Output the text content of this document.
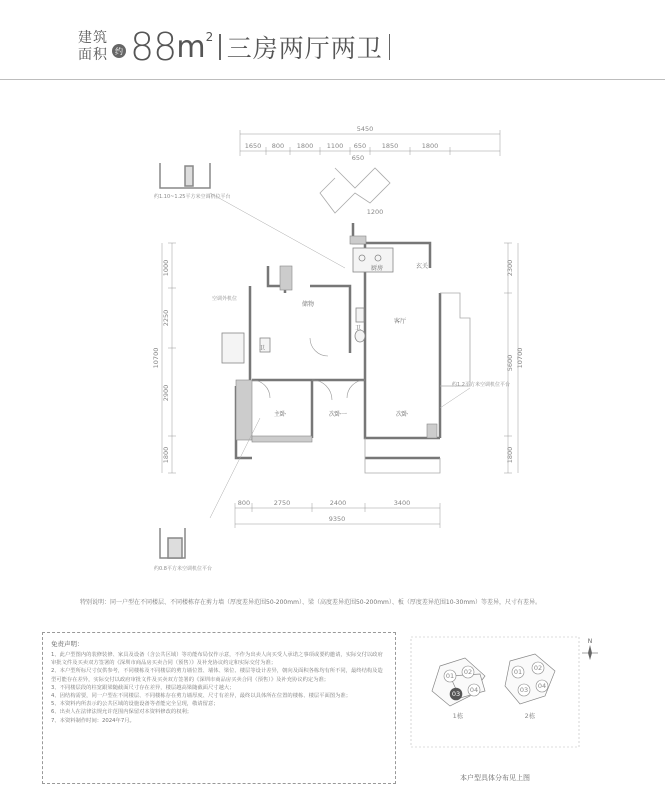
建筑
面积 约 88 m 2 三房两厅两卫
5450
1650 800 1800 1100 650 1850	1800
650
1200
1000
2250
2900
1800
10700
2300
5600
1800
10700
800	2750	2400	3400
9350
厨房	玄关
储物
客厅
次卧一
主卧	次卧
卫
卫
约1.10~1.25平方米空调机位平台
空调外机位
约1.2平方米空调机位平台
约0.8平方米空调机位平台
特别说明：同一户型在不同楼层、不同楼栋存在剪力墙（厚度差异范围50-200mm）、梁（高度差异范围50-200mm）、板（厚度差异范围10-30mm）等差异，尺寸有差异。
免责声明：
1、此户型图内的装修装修、家具及设备（含公共区域）等功能布局仅作示意，不作为出卖人向买受人承诺之事项或要约邀请，实际交付以政府审批文件及买卖双方签署的《深圳市商品房买卖合同（预售）》及补充协议约定和实际交付为准；
2、本户型所标尺寸仅供参考，不同楼栋及不同楼层的剪力墙位置、墙体、梁位、楼层等设计差异，朝向及面积各栋均有所不同，最终结构及造型可能存在差异，实际交付以政府审批文件及买卖双方签署的《深圳市商品房买卖合同（预售）》及补充协议约定为准；
3、不同楼层段的柱宽跟梁随截面尺寸存在差异，楼层越高梁随截面尺寸越大；
4、因结构需要，同一户型在不同楼层、不同楼栋存在剪力墙厚度、尺寸有差异，最终以具体所在位置的楼栋、楼层平面图为准；
5、本资料内所表示的公共区域的设施设备等者能完全呈现，敬请留意；
6、出卖人在法律法规允许范围内保留对本资料修改的权利；
7、本资料制作时间：2024年7月。
01 02
03 04
1栋
01 02
03 04
2栋
N
本户型具体分布见上图
